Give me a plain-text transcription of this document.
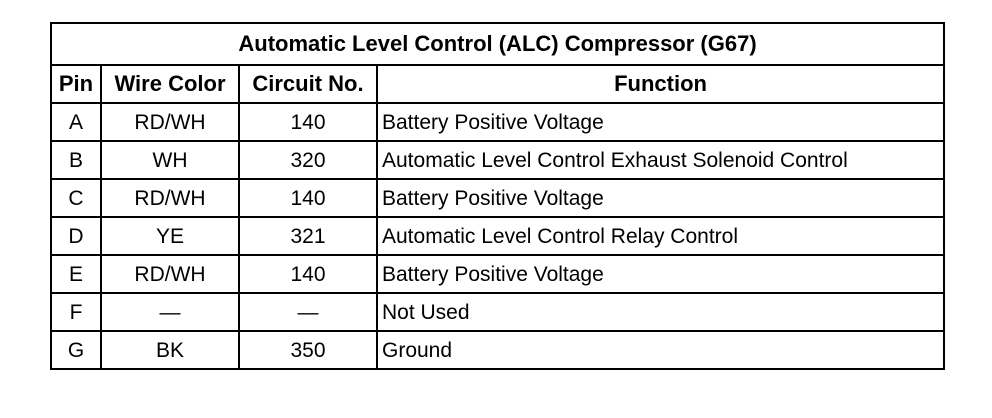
Automatic Level Control (ALC) Compressor (G67)			
Pin	Wire Color	Circuit No.	Function
A	RD/WH	140	Battery Positive Voltage
B	WH	320	Automatic Level Control Exhaust Solenoid Control
C	RD/WH	140	Battery Positive Voltage
D	YE	321	Automatic Level Control Relay Control
E	RD/WH	140	Battery Positive Voltage
F	—	—	Not Used
G	BK	350	Ground
